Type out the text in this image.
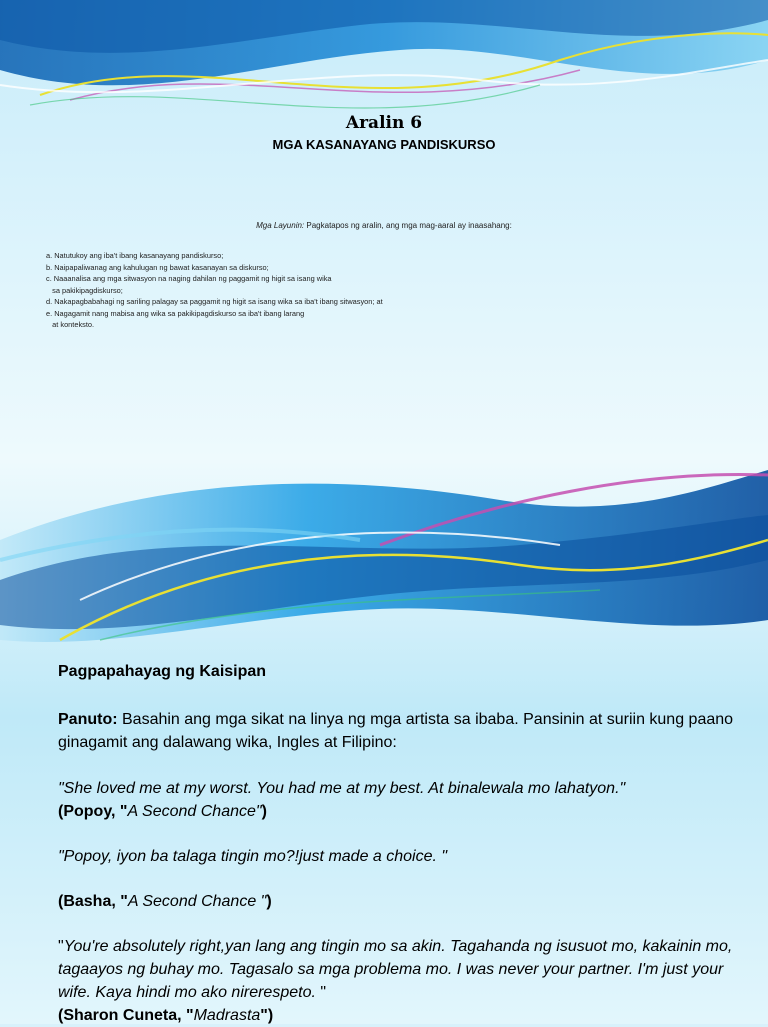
Aralin 6
MGA KASANAYANG PANDISKURSO
Mga Layunin: Pagkatapos ng aralin, ang mga mag-aaral ay inaasahang:
a. Natutukoy ang iba't ibang kasanayang pandiskurso;
b. Naipapaliwanag ang kahulugan ng bawat kasanayan sa diskurso;
c. Naaanalisa ang mga sitwasyon na naging dahilan ng paggamit ng higit sa isang wika
sa pakikipagdiskurso;
d. Nakapagbabahagi ng sariling palagay sa paggamit ng higit sa isang wika sa iba't ibang sitwasyon; at
e. Nagagamit nang mabisa ang wika sa pakikipagdiskurso sa iba't ibang larang
at konteksto.

Pagpapahayag ng Kaisipan

Panuto: Basahin ang mga sikat na linya ng mga artista sa ibaba. Pansinin at suriin kung paano ginagamit ang dalawang wika, Ingles at Filipino:

"She loved me at my worst. You had me at my best. At binalewala mo lahatyon."

(Popoy, "A Second Chance")

"Popoy, iyon ba talaga tingin mo?!just made a choice. "

(Basha, "A Second Chance ")

"You're absolutely right,yan lang ang tingin mo sa akin. Tagahanda ng isusuot mo, kakainin mo, tagaayos ng buhay mo. Tagasalo sa mga problema mo. I was never your partner. I'm just your wife. Kaya hindi mo ako nirerespeto. "

(Sharon Cuneta, "Madrasta")
